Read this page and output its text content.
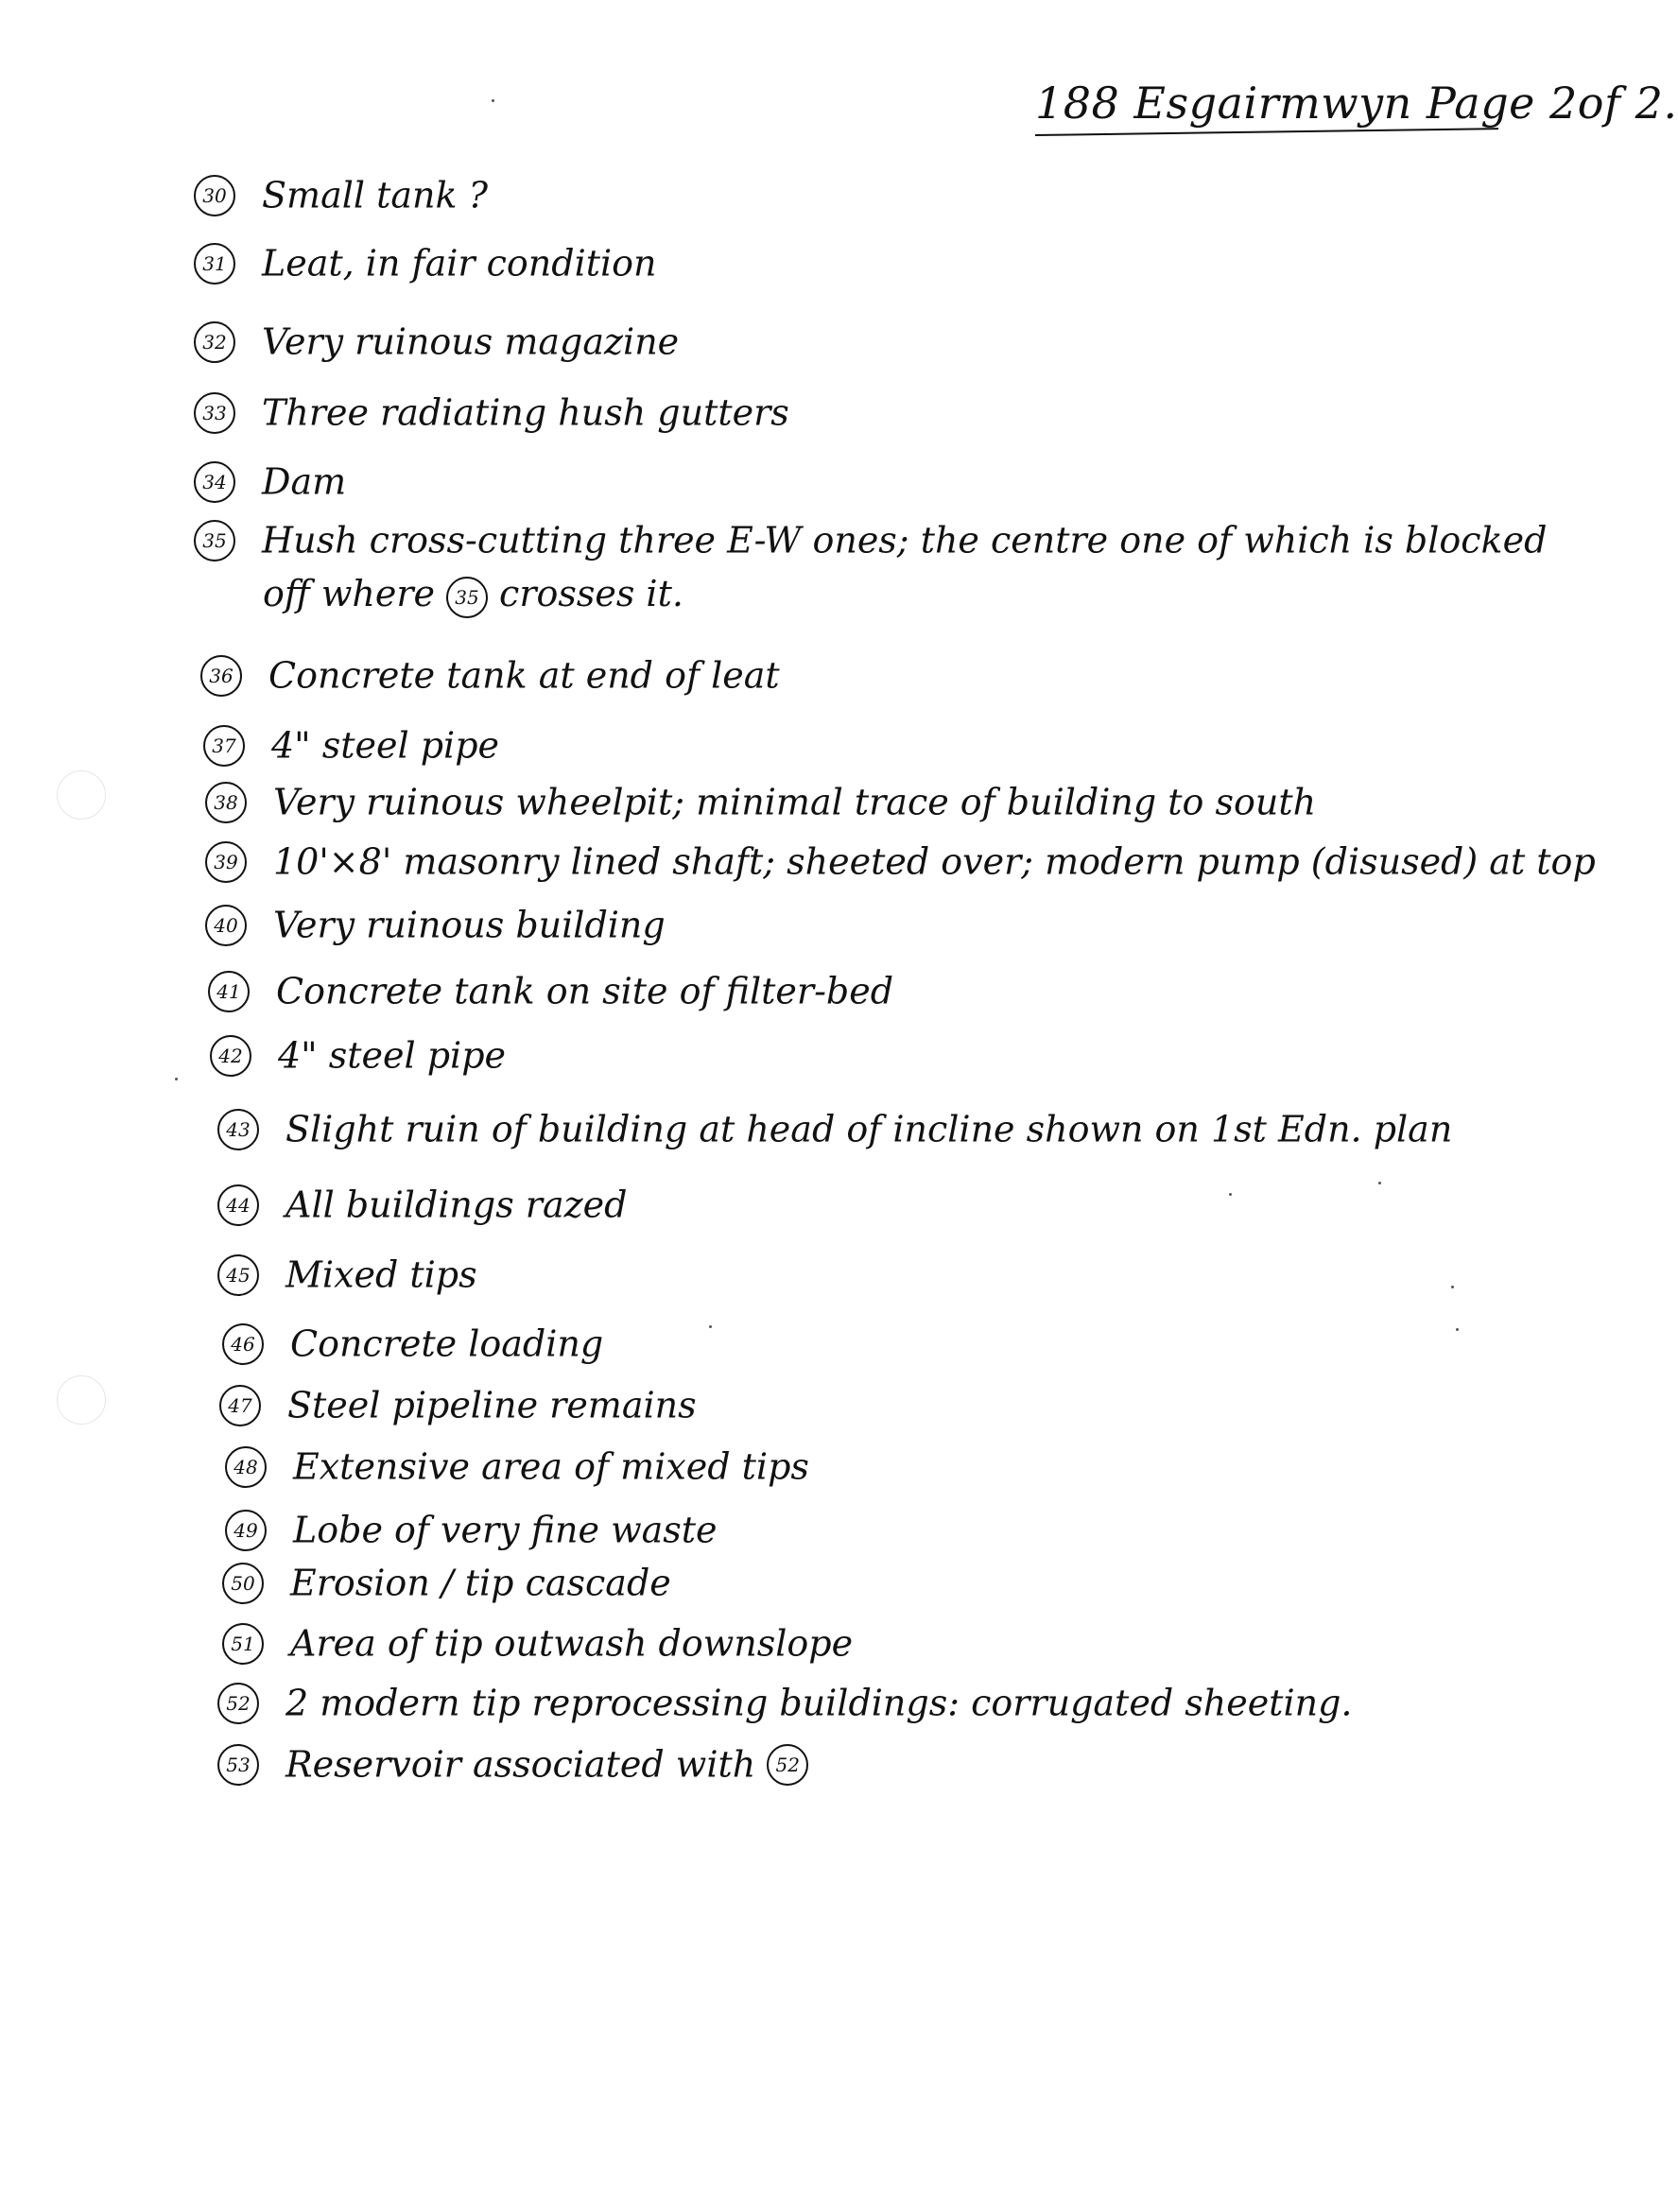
188 Esgairmwyn Page 2of 2.
30 Small tank ?
31 Leat, in fair condition
32 Very ruinous magazine
33 Three radiating hush gutters
34 Dam
35 Hush cross-cutting three E-W ones; the centre one of which is blocked
off where 35 crosses it.
36 Concrete tank at end of leat
37 4" steel pipe
38 Very ruinous wheelpit; minimal trace of building to south
39 10'×8' masonry lined shaft; sheeted over; modern pump (disused) at top
40 Very ruinous building
41 Concrete tank on site of filter-bed
42 4" steel pipe
43 Slight ruin of building at head of incline shown on 1st Edn. plan
44 All buildings razed
45 Mixed tips
46 Concrete loading
47 Steel pipeline remains
48 Extensive area of mixed tips
49 Lobe of very fine waste
50 Erosion / tip cascade
51 Area of tip outwash downslope
52 2 modern tip reprocessing buildings: corrugated sheeting.
53 Reservoir associated with 52
